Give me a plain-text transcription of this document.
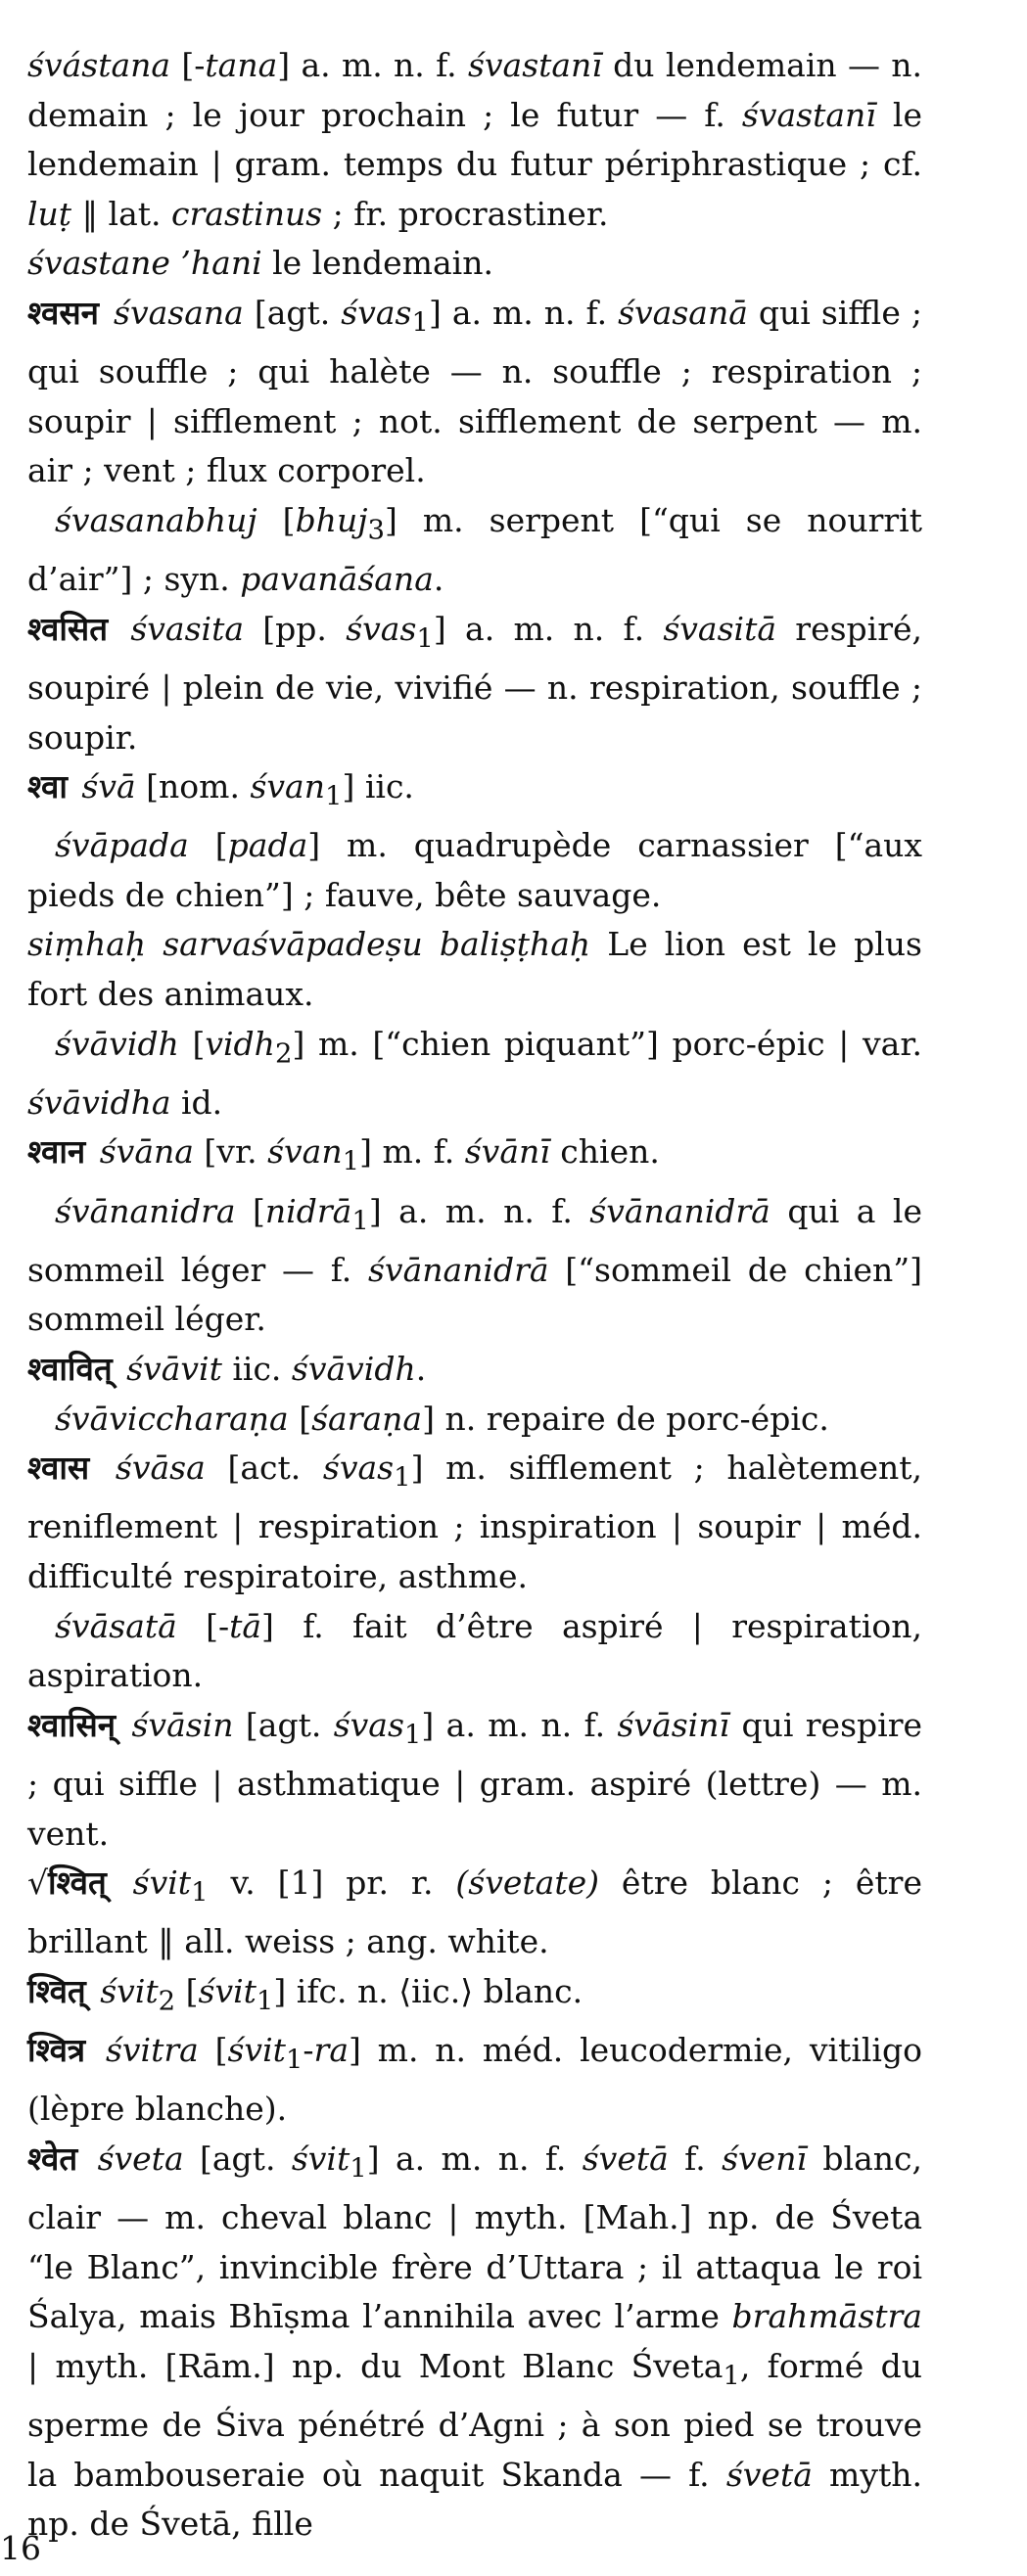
śvástana [-tana] a. m. n. f. śvastanī du lendemain — n. demain ; le jour prochain ; le futur — f. śvastanī le lendemain | gram. temps du futur périphrastique ; cf. luṭ ‖ lat. crastinus ; fr. procrastiner.

śvastane ’hani le lendemain.

श्वसन śvasana [agt. śvas$_1$] a. m. n. f. śvasanā qui siffle ; qui souffle ; qui halète — n. souffle ; respiration ; soupir | sifflement ; not. sifflement de serpent — m. air ; vent ; flux corporel.

śvasanabhuj [bhuj$_3$] m. serpent [“qui se nourrit d’air”] ; syn. pavanāśana.

श्वसित śvasita [pp. śvas$_1$] a. m. n. f. śvasitā respiré, soupiré | plein de vie, vivifié — n. respiration, souffle ; soupir.

श्वा śvā [nom. śvan$_1$] iic.

śvāpada [pada] m. quadrupède carnassier [“aux pieds de chien”] ; fauve, bête sauvage.

siṃhaḥ sarvaśvāpadeṣu baliṣṭhaḥ Le lion est le plus fort des animaux.

śvāvidh [vidh$_2$] m. [“chien piquant”] porc-épic | var. śvāvidha id.

श्वान śvāna [vr. śvan$_1$] m. f. śvānī chien.

śvānanidra [nidrā$_1$] a. m. n. f. śvānanidrā qui a le sommeil léger — f. śvānanidrā [“sommeil de chien”] sommeil léger.

श्वावित् śvāvit iic. śvāvidh.

śvāviccharaṇa [śaraṇa] n. repaire de porc-épic.

श्वास śvāsa [act. śvas$_1$] m. sifflement ; halètement, reniflement | respiration ; inspiration | soupir | méd. difficulté respiratoire, asthme.

śvāsatā [-tā] f. fait d’être aspiré | respiration, aspiration.

श्वासिन् śvāsin [agt. śvas$_1$] a. m. n. f. śvāsinī qui respire ; qui siffle | asthmatique | gram. aspiré (lettre) — m. vent.

√श्वित् śvit$_1$ v. [1] pr. r. (śvetate) être blanc ; être brillant ‖ all. weiss ; ang. white.

श्वित् śvit$_2$ [śvit$_1$] ifc. n. ⟨iic.⟩ blanc.

श्वित्र śvitra [śvit$_1$-ra] m. n. méd. leucodermie, vitiligo (lèpre blanche).

श्वेत śveta [agt. śvit$_1$] a. m. n. f. śvetā f. śvenī blanc, clair — m. cheval blanc | myth. [Mah.] np. de Śveta “le Blanc”, invincible frère d’Uttara ; il attaqua le roi Śalya, mais Bhīṣma l’annihila avec l’arme brahmāstra | myth. [Rām.] np. du Mont Blanc Śveta$_1$, formé du sperme de Śiva pénétré d’Agni ; à son pied se trouve la bambouseraie où naquit Skanda — f. śvetā myth. np. de Śvetā, fille

16
